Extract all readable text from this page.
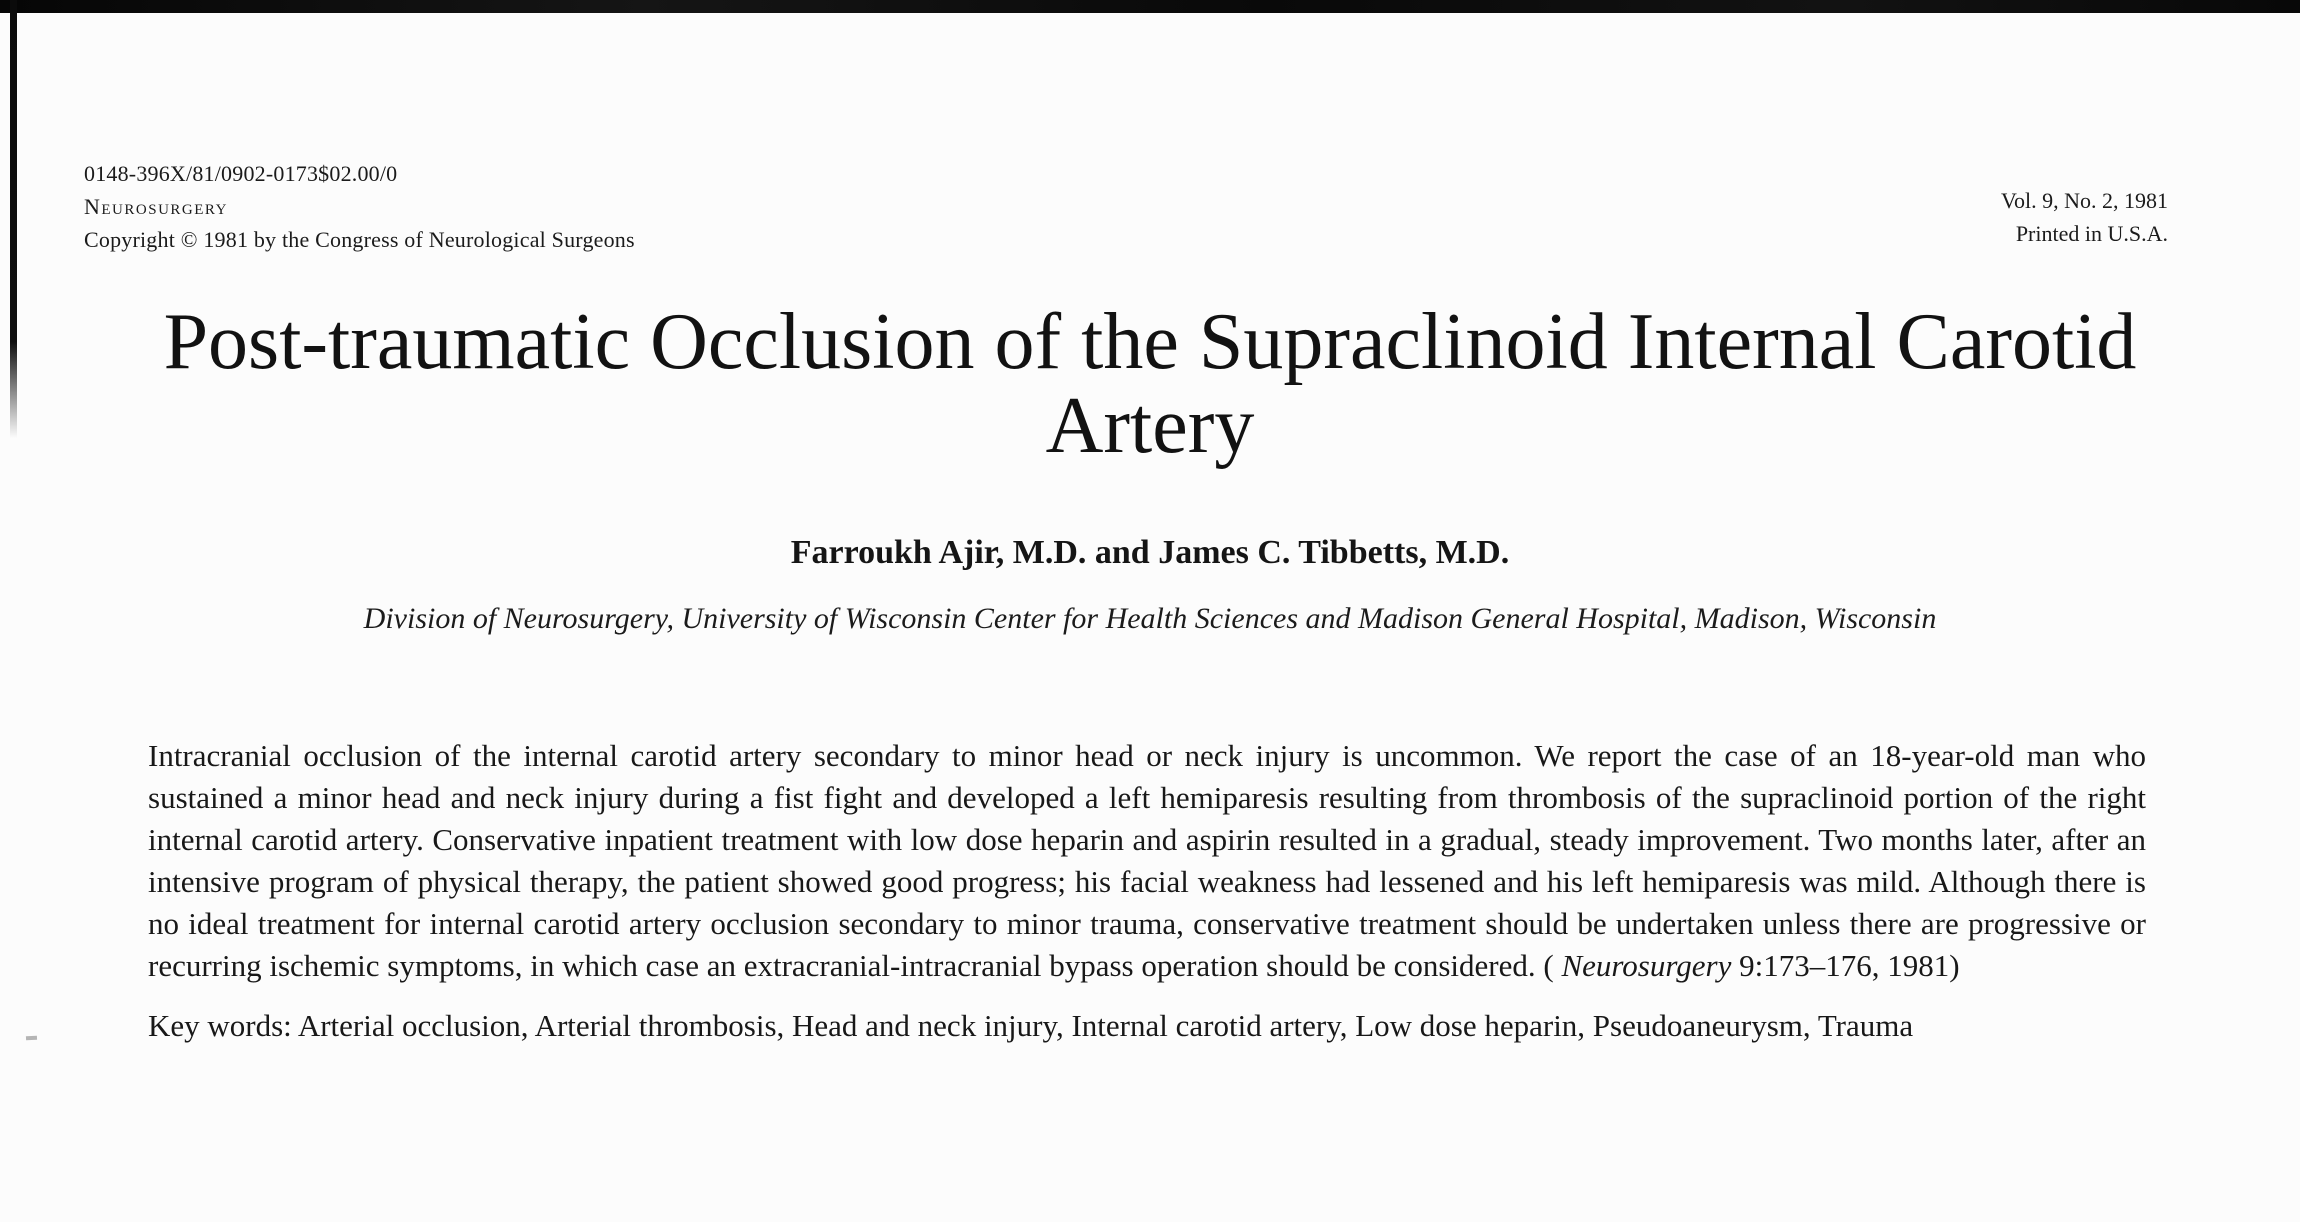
0148-396X/81/0902-0173$02.00/0
Neurosurgery
Copyright © 1981 by the Congress of Neurological Surgeons
Vol. 9, No. 2, 1981
Printed in U.S.A.
Post-traumatic Occlusion of the Supraclinoid Internal Carotid Artery
Farroukh Ajir, M.D. and James C. Tibbetts, M.D.
Division of Neurosurgery, University of Wisconsin Center for Health Sciences and Madison General Hospital, Madison, Wisconsin

Intracranial occlusion of the internal carotid artery secondary to minor head or neck injury is uncommon. We report the case of an 18-year-old man who sustained a minor head and neck injury during a fist fight and developed a left hemiparesis resulting from thrombosis of the supraclinoid portion of the right internal carotid artery. Conservative inpatient treatment with low dose heparin and aspirin resulted in a gradual, steady improvement. Two months later, after an intensive program of physical therapy, the patient showed good progress; his facial weakness had lessened and his left hemiparesis was mild. Although there is no ideal treatment for internal carotid artery occlusion secondary to minor trauma, conservative treatment should be undertaken unless there are progressive or recurring ischemic symptoms, in which case an extracranial-intracranial bypass operation should be considered. ( Neurosurgery 9:173–176, 1981)

Key words: Arterial occlusion, Arterial thrombosis, Head and neck injury, Internal carotid artery, Low dose heparin, Pseudoaneurysm, Trauma
